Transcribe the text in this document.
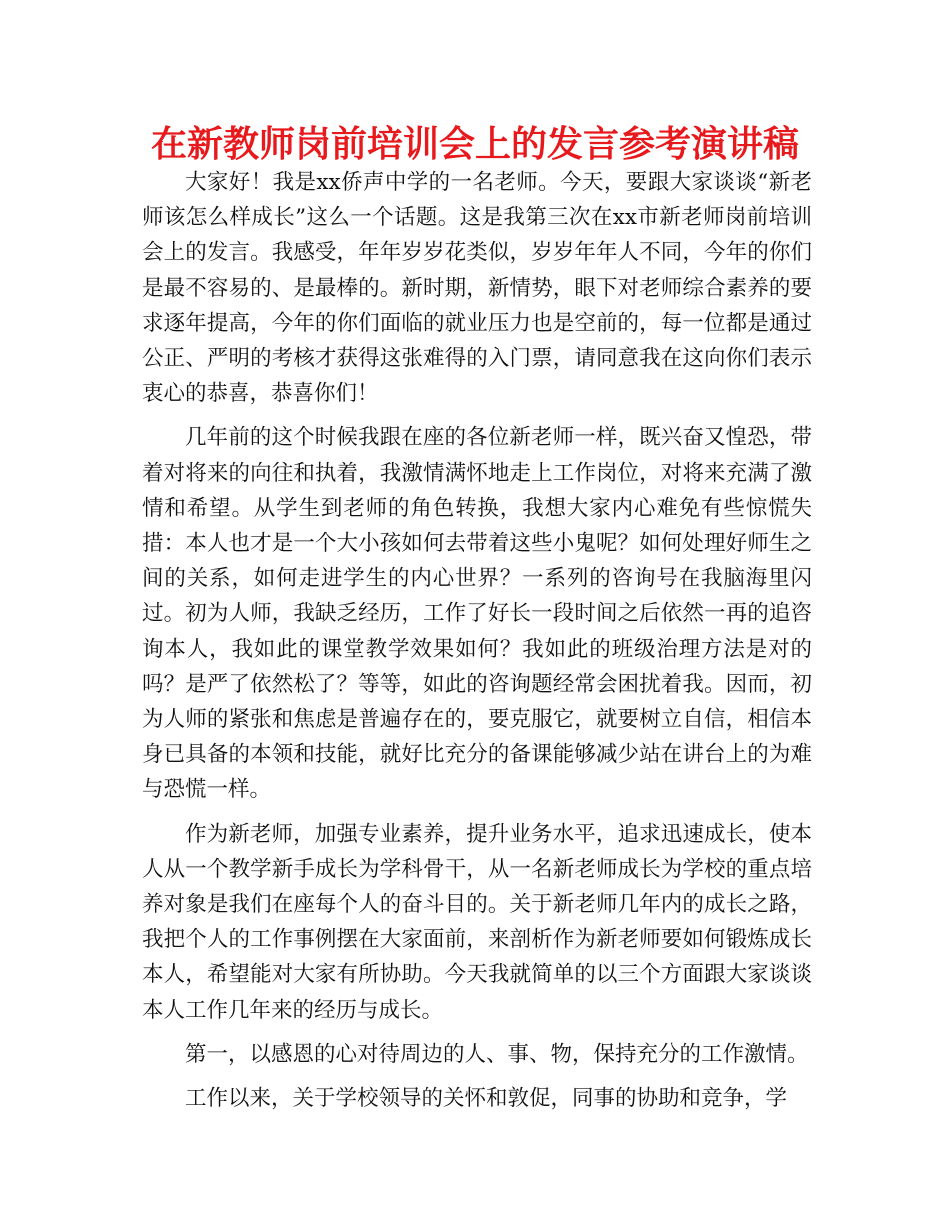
在新教师岗前培训会上的发言参考演讲稿

大家好！我是xx侨声中学的一名老师。今天，要跟大家谈谈“新老师该怎么样成长”这么一个话题。这是我第三次在xx市新老师岗前培训会上的发言。我感受，年年岁岁花类似，岁岁年年人不同，今年的你们是最不容易的、是最棒的。新时期，新情势，眼下对老师综合素养的要求逐年提高，今年的你们面临的就业压力也是空前的，每一位都是通过公正、严明的考核才获得这张难得的入门票，请同意我在这向你们表示衷心的恭喜，恭喜你们！

几年前的这个时候我跟在座的各位新老师一样，既兴奋又惶恐，带着对将来的向往和执着，我激情满怀地走上工作岗位，对将来充满了激情和希望。从学生到老师的角色转换，我想大家内心难免有些惊慌失措：本人也才是一个大小孩如何去带着这些小鬼呢？如何处理好师生之间的关系，如何走进学生的内心世界？一系列的咨询号在我脑海里闪过。初为人师，我缺乏经历，工作了好长一段时间之后依然一再的追咨询本人，我如此的课堂教学效果如何？我如此的班级治理方法是对的吗？是严了依然松了？等等，如此的咨询题经常会困扰着我。因而，初为人师的紧张和焦虑是普遍存在的，要克服它，就要树立自信，相信本身已具备的本领和技能，就好比充分的备课能够减少站在讲台上的为难与恐慌一样。

作为新老师，加强专业素养，提升业务水平，追求迅速成长，使本人从一个教学新手成长为学科骨干，从一名新老师成长为学校的重点培养对象是我们在座每个人的奋斗目的。关于新老师几年内的成长之路，我把个人的工作事例摆在大家面前，来剖析作为新老师要如何锻炼成长本人，希望能对大家有所协助。今天我就简单的以三个方面跟大家谈谈本人工作几年来的经历与成长。

第一，以感恩的心对待周边的人、事、物，保持充分的工作激情。

工作以来，关于学校领导的关怀和敦促，同事的协助和竞争，学
